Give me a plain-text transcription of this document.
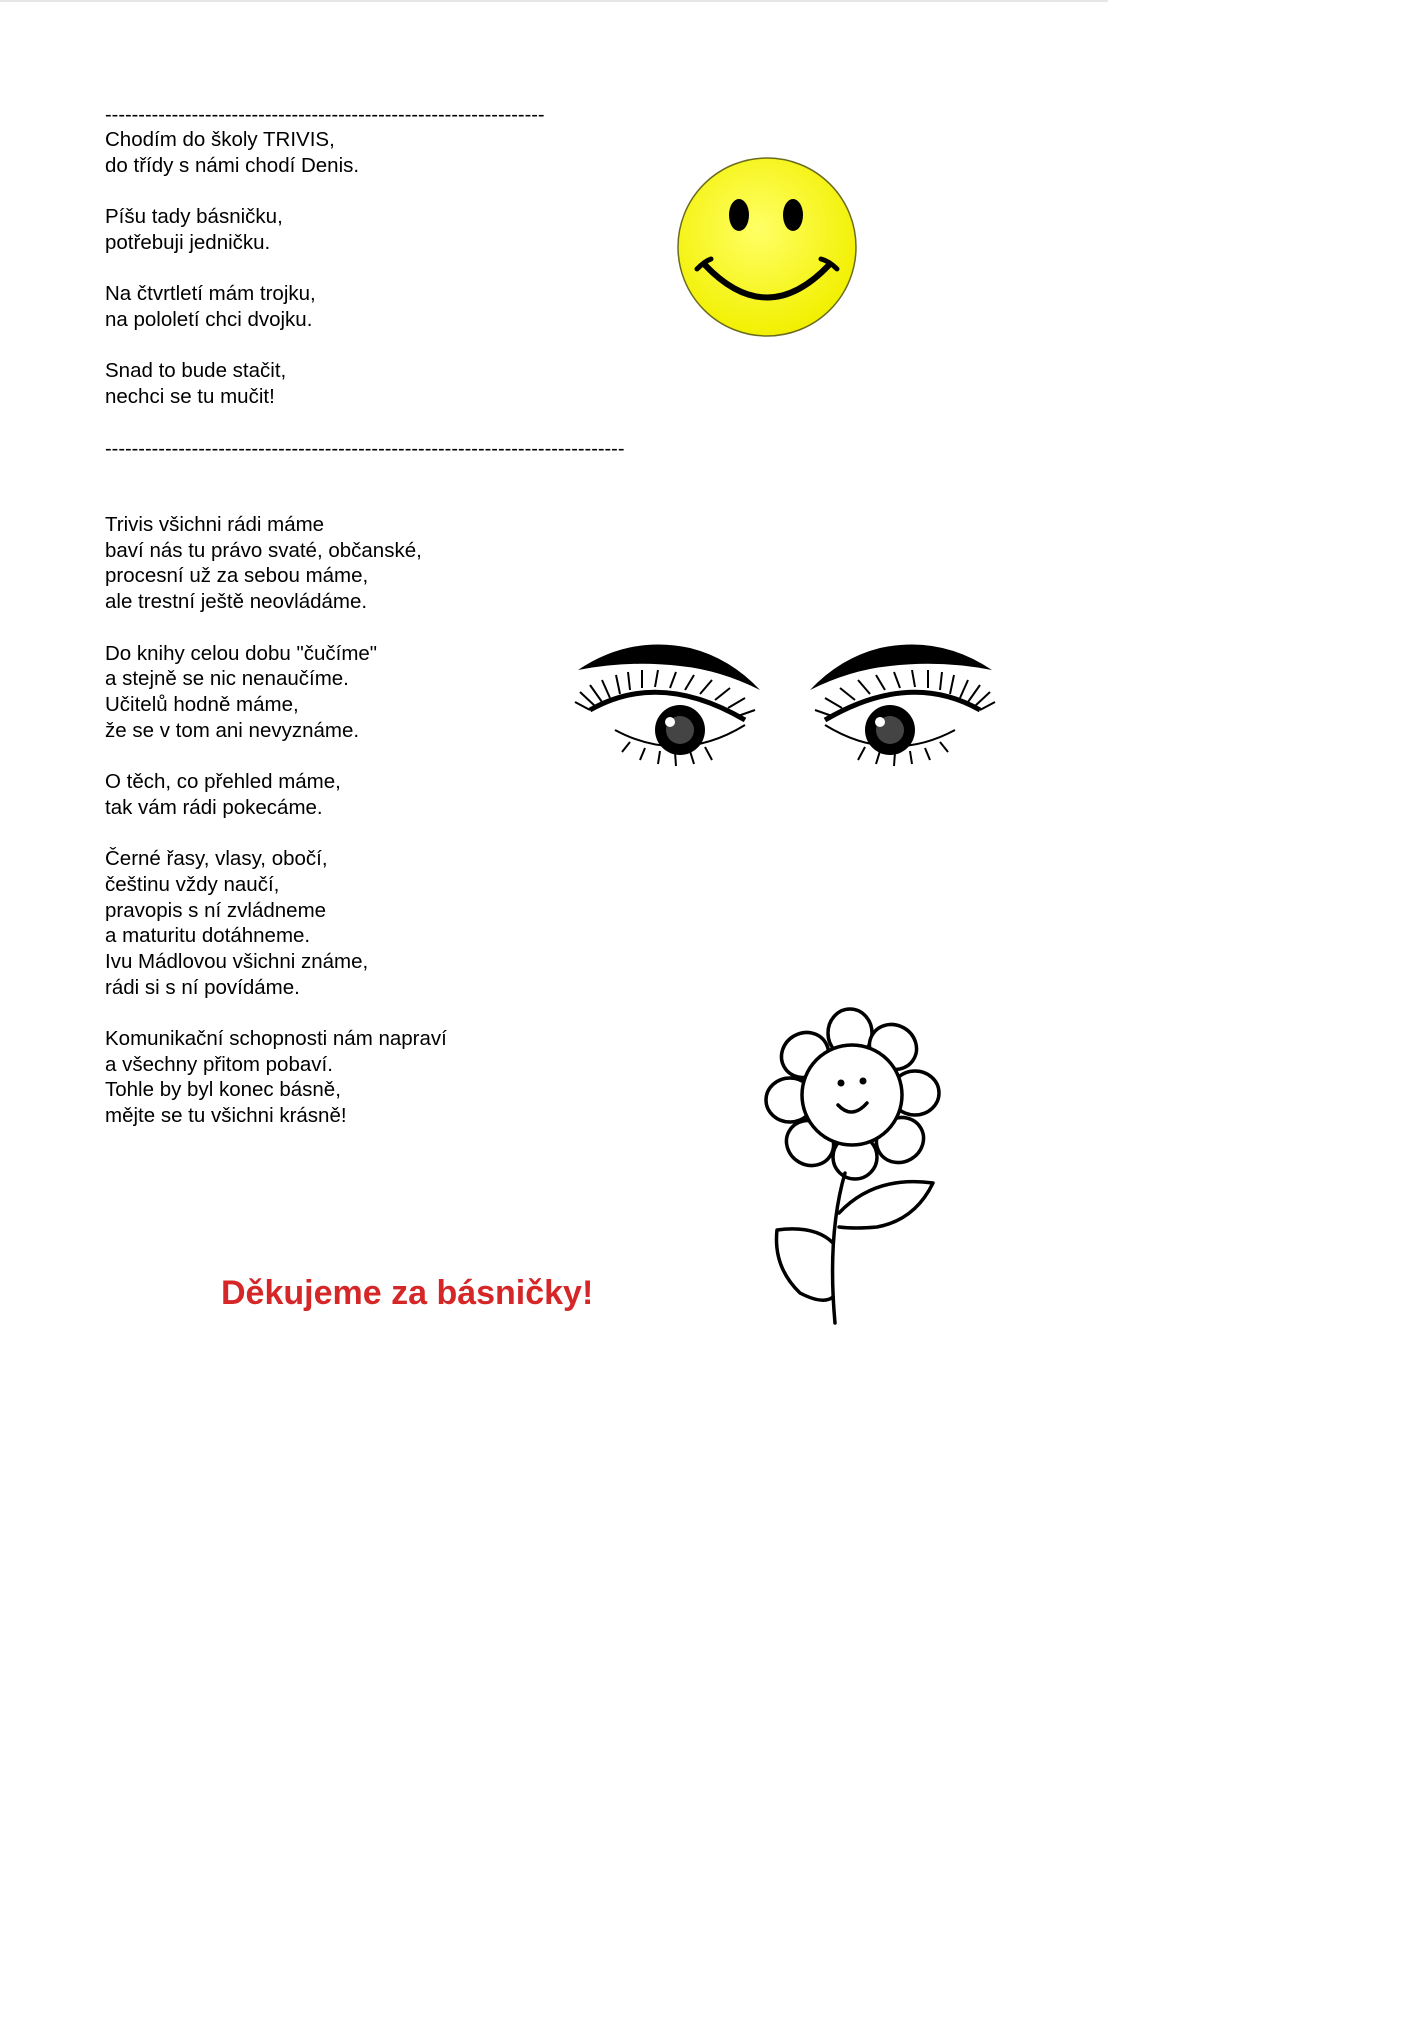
------------------------------------------------------------------
Chodím do školy TRIVIS,
do třídy s námi chodí Denis.
Píšu tady básničku,
potřebuji jedničku.
Na čtvrtletí mám trojku,
na pololetí chci dvojku.
Snad to bude stačit,
nechci se tu mučit!
------------------------------------------------------------------------------
Trivis všichni rádi máme
baví nás tu právo svaté, občanské,
procesní už za sebou máme,
ale trestní ještě neovládáme.
Do knihy celou dobu "čučíme"
a stejně se nic nenaučíme.
Učitelů hodně máme,
že se v tom ani nevyznáme.
O těch, co přehled máme,
tak vám rádi pokecáme.
Černé řasy, vlasy, obočí,
češtinu vždy naučí,
pravopis s ní zvládneme
a maturitu dotáhneme.
Ivu Mádlovou všichni známe,
rádi si s ní povídáme.
Komunikační schopnosti nám napraví
a všechny přitom pobaví.
Tohle by byl konec básně,
mějte se tu všichni krásně!
Děkujeme za básničky!
